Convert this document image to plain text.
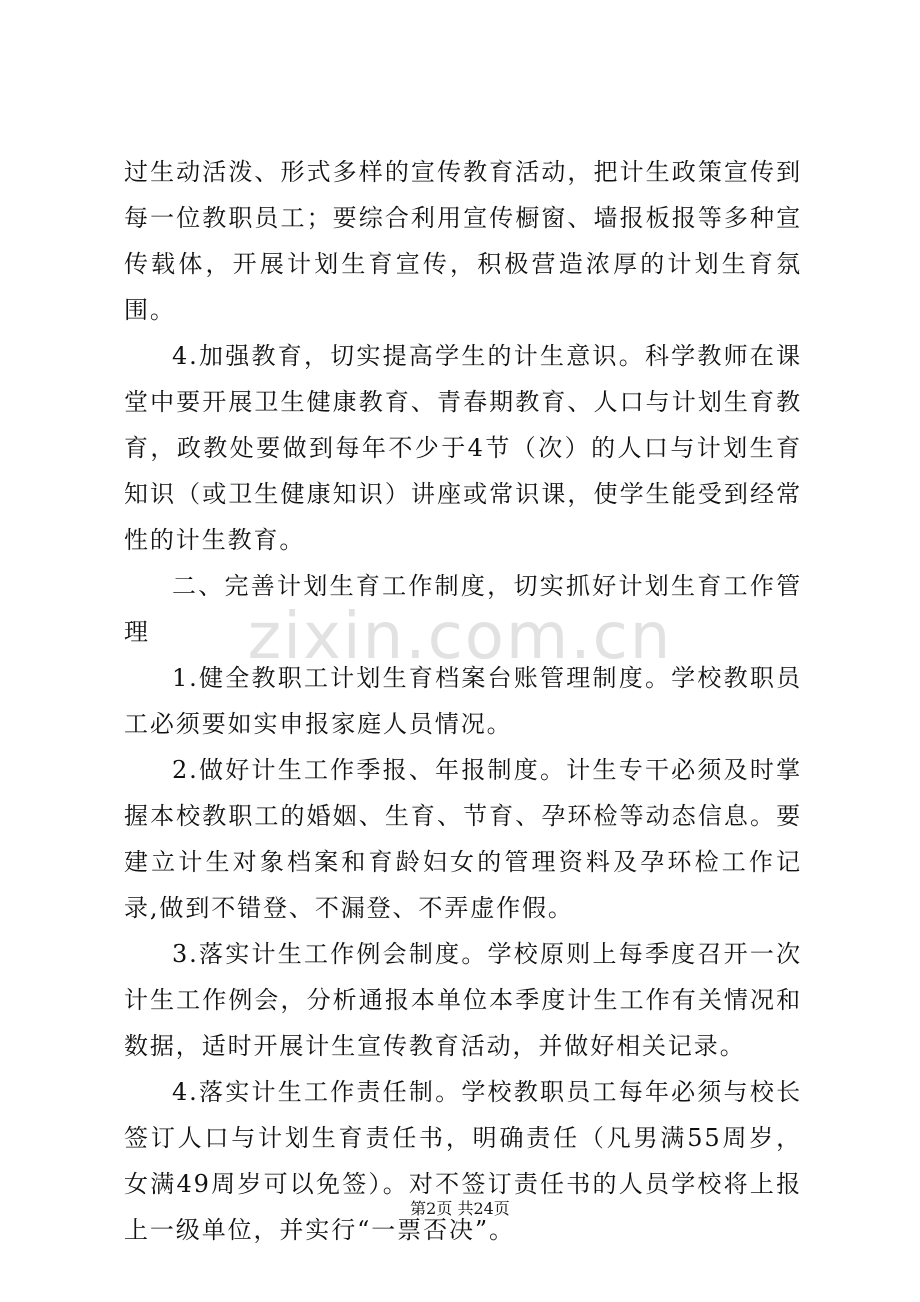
zixin.com.cn

过生动活泼、形式多样的宣传教育活动，把计生政策宣传到每一位教职员工；要综合利用宣传橱窗、墙报板报等多种宣传载体，开展计划生育宣传，积极营造浓厚的计划生育氛围。

4.加强教育，切实提高学生的计生意识。科学教师在课堂中要开展卫生健康教育、青春期教育、人口与计划生育教育，政教处要做到每年不少于4节（次）的人口与计划生育知识（或卫生健康知识）讲座或常识课，使学生能受到经常性的计生教育。

二、完善计划生育工作制度，切实抓好计划生育工作管理

1.健全教职工计划生育档案台账管理制度。学校教职员工必须要如实申报家庭人员情况。

2.做好计生工作季报、年报制度。计生专干必须及时掌握本校教职工的婚姻、生育、节育、孕环检等动态信息。要建立计生对象档案和育龄妇女的管理资料及孕环检工作记录,做到不错登、不漏登、不弄虚作假。

3.落实计生工作例会制度。学校原则上每季度召开一次计生工作例会，分析通报本单位本季度计生工作有关情况和数据，适时开展计生宣传教育活动，并做好相关记录。

4.落实计生工作责任制。学校教职员工每年必须与校长签订人口与计划生育责任书，明确责任（凡男满55周岁，女满49周岁可以免签）。对不签订责任书的人员学校将上报上一级单位，并实行“一票否决”。

第2页 共24页
